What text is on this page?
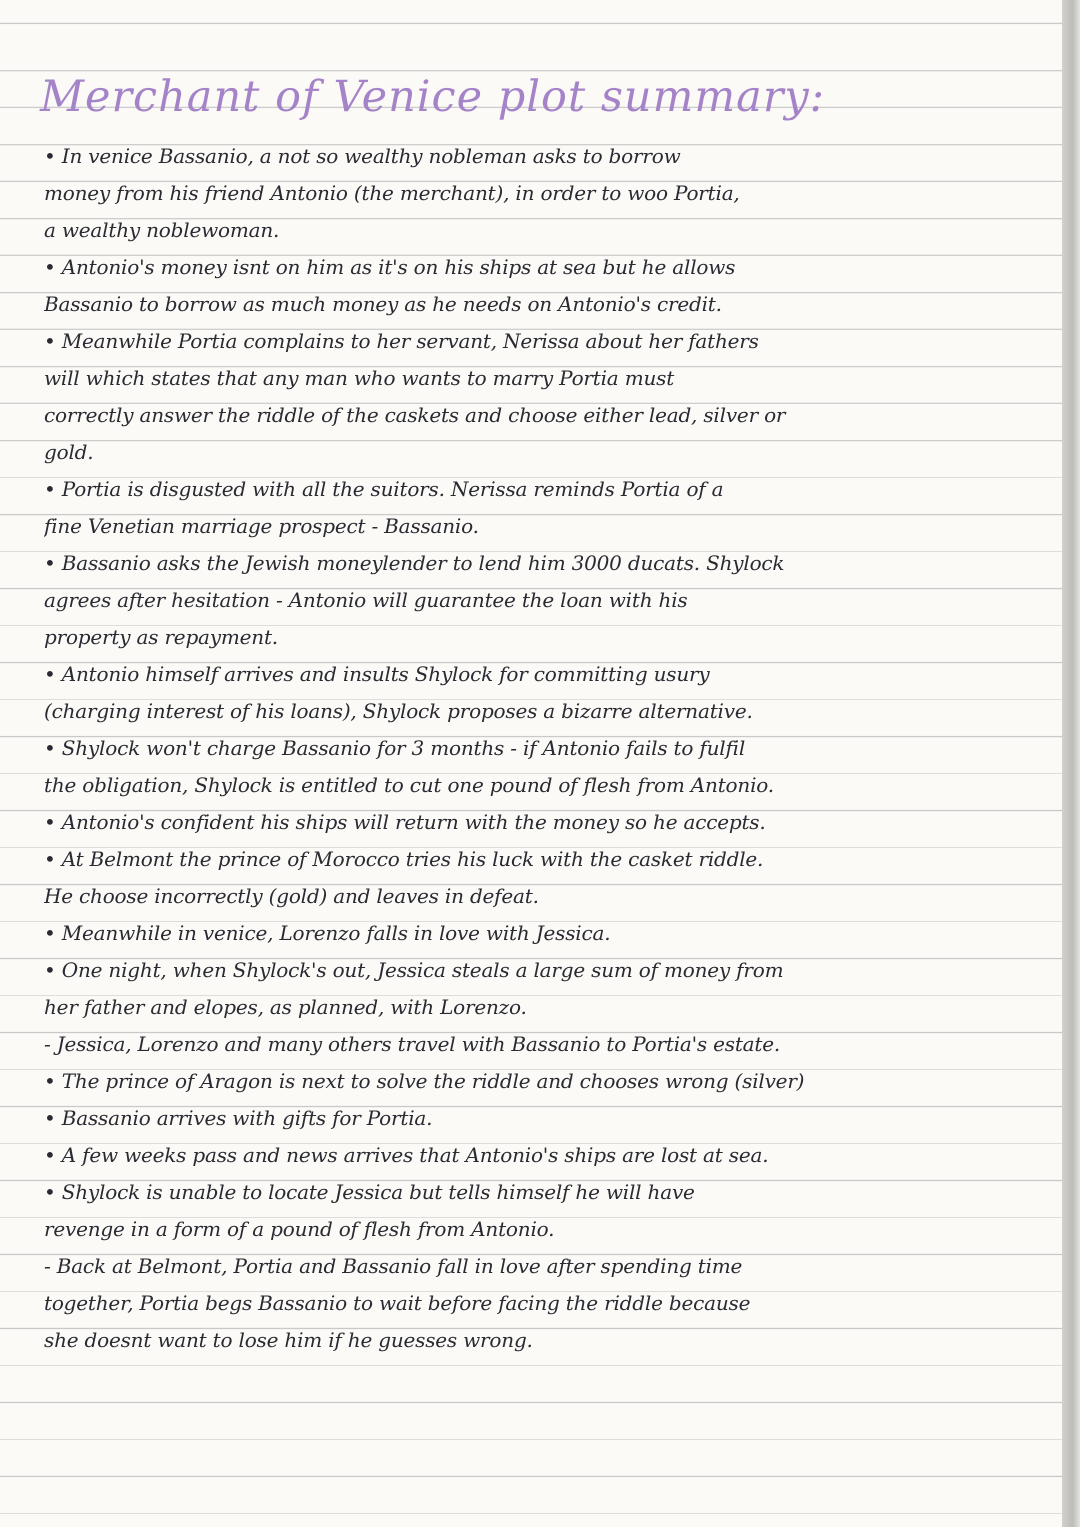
Merchant of Venice plot summary:
• In venice Bassanio, a not so wealthy nobleman asks to borrow
money from his friend Antonio (the merchant), in order to woo Portia,
a wealthy noblewoman.
• Antonio's money isnt on him as it's on his ships at sea but he allows
Bassanio to borrow as much money as he needs on Antonio's credit.
• Meanwhile Portia complains to her servant, Nerissa about her fathers
will which states that any man who wants to marry Portia must
correctly answer the riddle of the caskets and choose either lead, silver or
gold.
• Portia is disgusted with all the suitors. Nerissa reminds Portia of a
fine Venetian marriage prospect - Bassanio.
• Bassanio asks the Jewish moneylender to lend him 3000 ducats. Shylock
agrees after hesitation - Antonio will guarantee the loan with his
property as repayment.
• Antonio himself arrives and insults Shylock for committing usury
(charging interest of his loans), Shylock proposes a bizarre alternative.
• Shylock won't charge Bassanio for 3 months - if Antonio fails to fulfil
the obligation, Shylock is entitled to cut one pound of flesh from Antonio.
• Antonio's confident his ships will return with the money so he accepts.
• At Belmont the prince of Morocco tries his luck with the casket riddle.
He choose incorrectly (gold) and leaves in defeat.
• Meanwhile in venice, Lorenzo falls in love with Jessica.
• One night, when Shylock's out, Jessica steals a large sum of money from
her father and elopes, as planned, with Lorenzo.
- Jessica, Lorenzo and many others travel with Bassanio to Portia's estate.
• The prince of Aragon is next to solve the riddle and chooses wrong (silver)
• Bassanio arrives with gifts for Portia.
• A few weeks pass and news arrives that Antonio's ships are lost at sea.
• Shylock is unable to locate Jessica but tells himself he will have
revenge in a form of a pound of flesh from Antonio.
- Back at Belmont, Portia and Bassanio fall in love after spending time
together, Portia begs Bassanio to wait before facing the riddle because
she doesnt want to lose him if he guesses wrong.
